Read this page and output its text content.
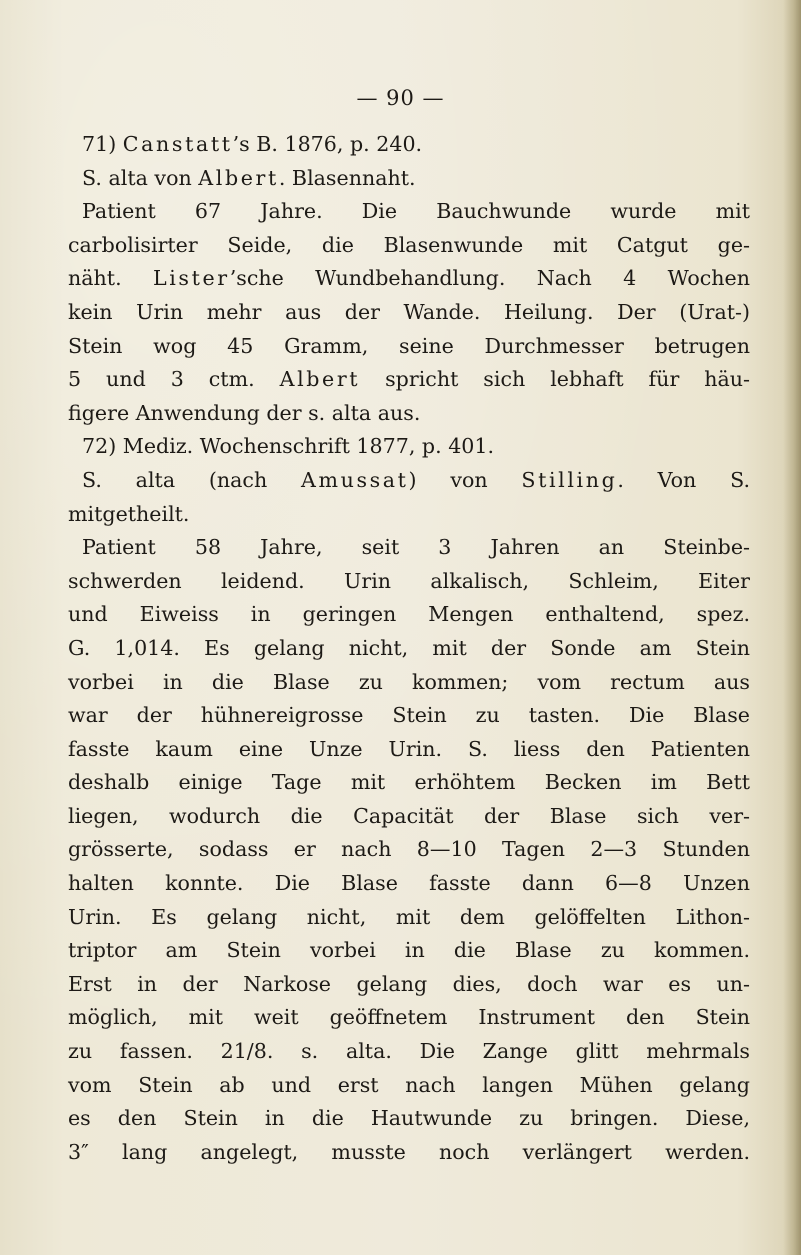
— 90 —
71) Canstatt’s B. 1876, p. 240.
S. alta von Albert. Blasennaht.
Patient 67 Jahre. Die Bauchwunde wurde mit
carbolisirter Seide, die Blasenwunde mit Catgut ge-
näht. Lister’sche Wundbehandlung. Nach 4 Wochen
kein Urin mehr aus der Wande. Heilung. Der (Urat-)
Stein wog 45 Gramm, seine Durchmesser betrugen
5 und 3 ctm. Albert spricht sich lebhaft für häu-
figere Anwendung der s. alta aus.
72) Mediz. Wochenschrift 1877, p. 401.
S. alta (nach Amussat) von Stilling. Von S.
mitgetheilt.
Patient 58 Jahre, seit 3 Jahren an Steinbe-
schwerden leidend. Urin alkalisch, Schleim, Eiter
und Eiweiss in geringen Mengen enthaltend, spez.
G. 1,014. Es gelang nicht, mit der Sonde am Stein
vorbei in die Blase zu kommen; vom rectum aus
war der hühnereigrosse Stein zu tasten. Die Blase
fasste kaum eine Unze Urin. S. liess den Patienten
deshalb einige Tage mit erhöhtem Becken im Bett
liegen, wodurch die Capacität der Blase sich ver-
grösserte, sodass er nach 8—10 Tagen 2—3 Stunden
halten konnte. Die Blase fasste dann 6—8 Unzen
Urin. Es gelang nicht, mit dem gelöffelten Lithon-
triptor am Stein vorbei in die Blase zu kommen.
Erst in der Narkose gelang dies, doch war es un-
möglich, mit weit geöffnetem Instrument den Stein
zu fassen. 21/8. s. alta. Die Zange glitt mehrmals
vom Stein ab und erst nach langen Mühen gelang
es den Stein in die Hautwunde zu bringen. Diese,
3″ lang angelegt, musste noch verlängert werden.
